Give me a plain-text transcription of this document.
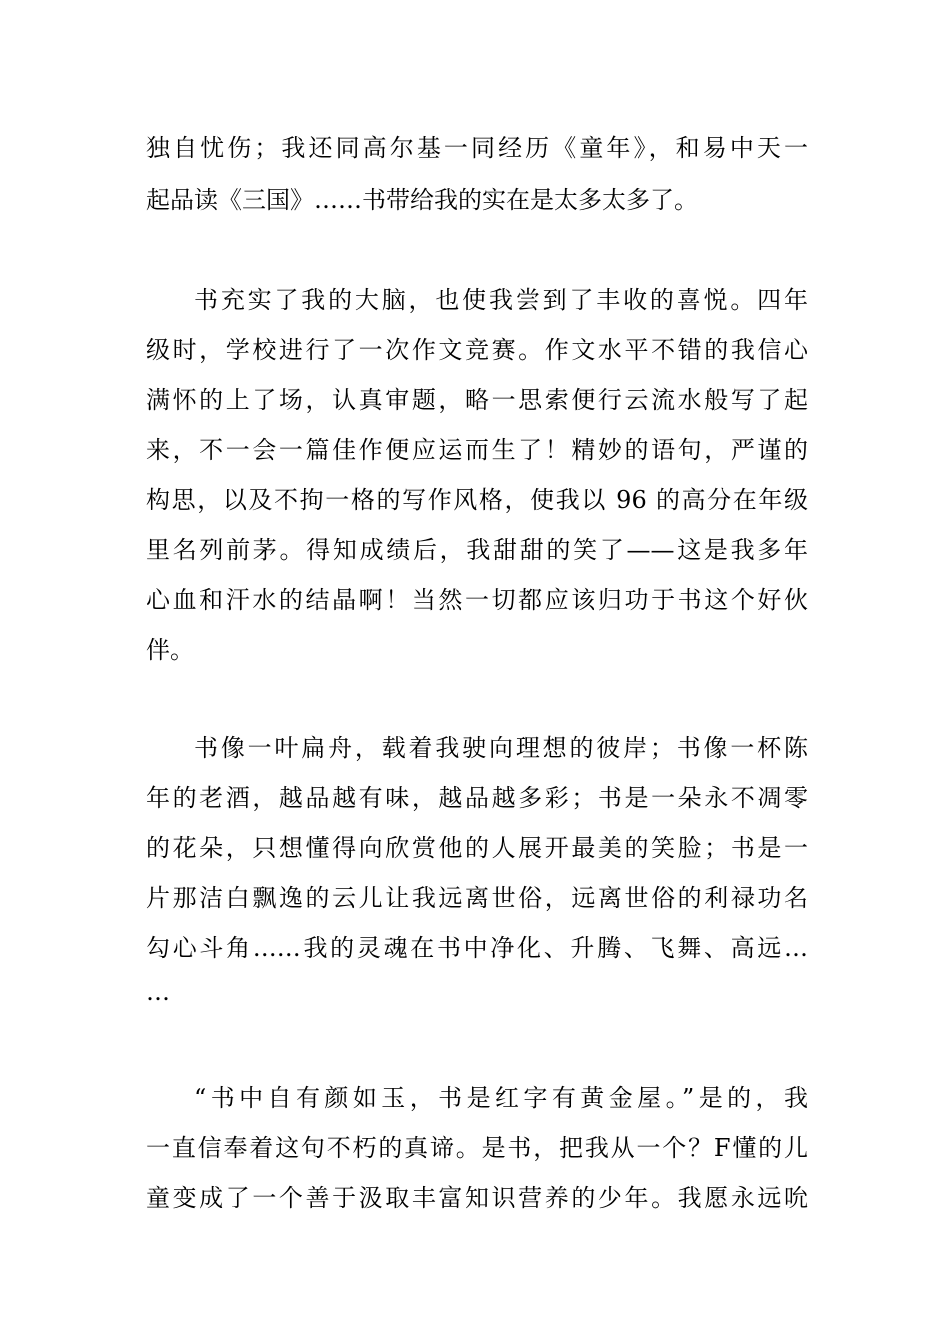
独自忧伤；我还同高尔基一同经历《童年》，和易中天一

起品读《三国》……书带给我的实在是太多太多了。

书充实了我的大脑，也使我尝到了丰收的喜悦。四年

级时，学校进行了一次作文竞赛。作文水平不错的我信心

满怀的上了场，认真审题，略一思索便行云流水般写了起

来，不一会一篇佳作便应运而生了！精妙的语句，严谨的

构思，以及不拘一格的写作风格，使我以 96 的高分在年级

里名列前茅。得知成绩后，我甜甜的笑了——这是我多年

心血和汗水的结晶啊！当然一切都应该归功于书这个好伙

伴。

书像一叶扁舟，载着我驶向理想的彼岸；书像一杯陈

年的老酒，越品越有味，越品越多彩；书是一朵永不凋零

的花朵，只想懂得向欣赏他的人展开最美的笑脸；书是一

片那洁白飘逸的云儿让我远离世俗，远离世俗的利禄功名

勾心斗角……我的灵魂在书中净化、升腾、飞舞、高远…

…

“书中自有颜如玉，书是红字有黄金屋。”是的，我

一直信奉着这句不朽的真谛。是书，把我从一个？F懂的儿

童变成了一个善于汲取丰富知识营养的少年。我愿永远吮
